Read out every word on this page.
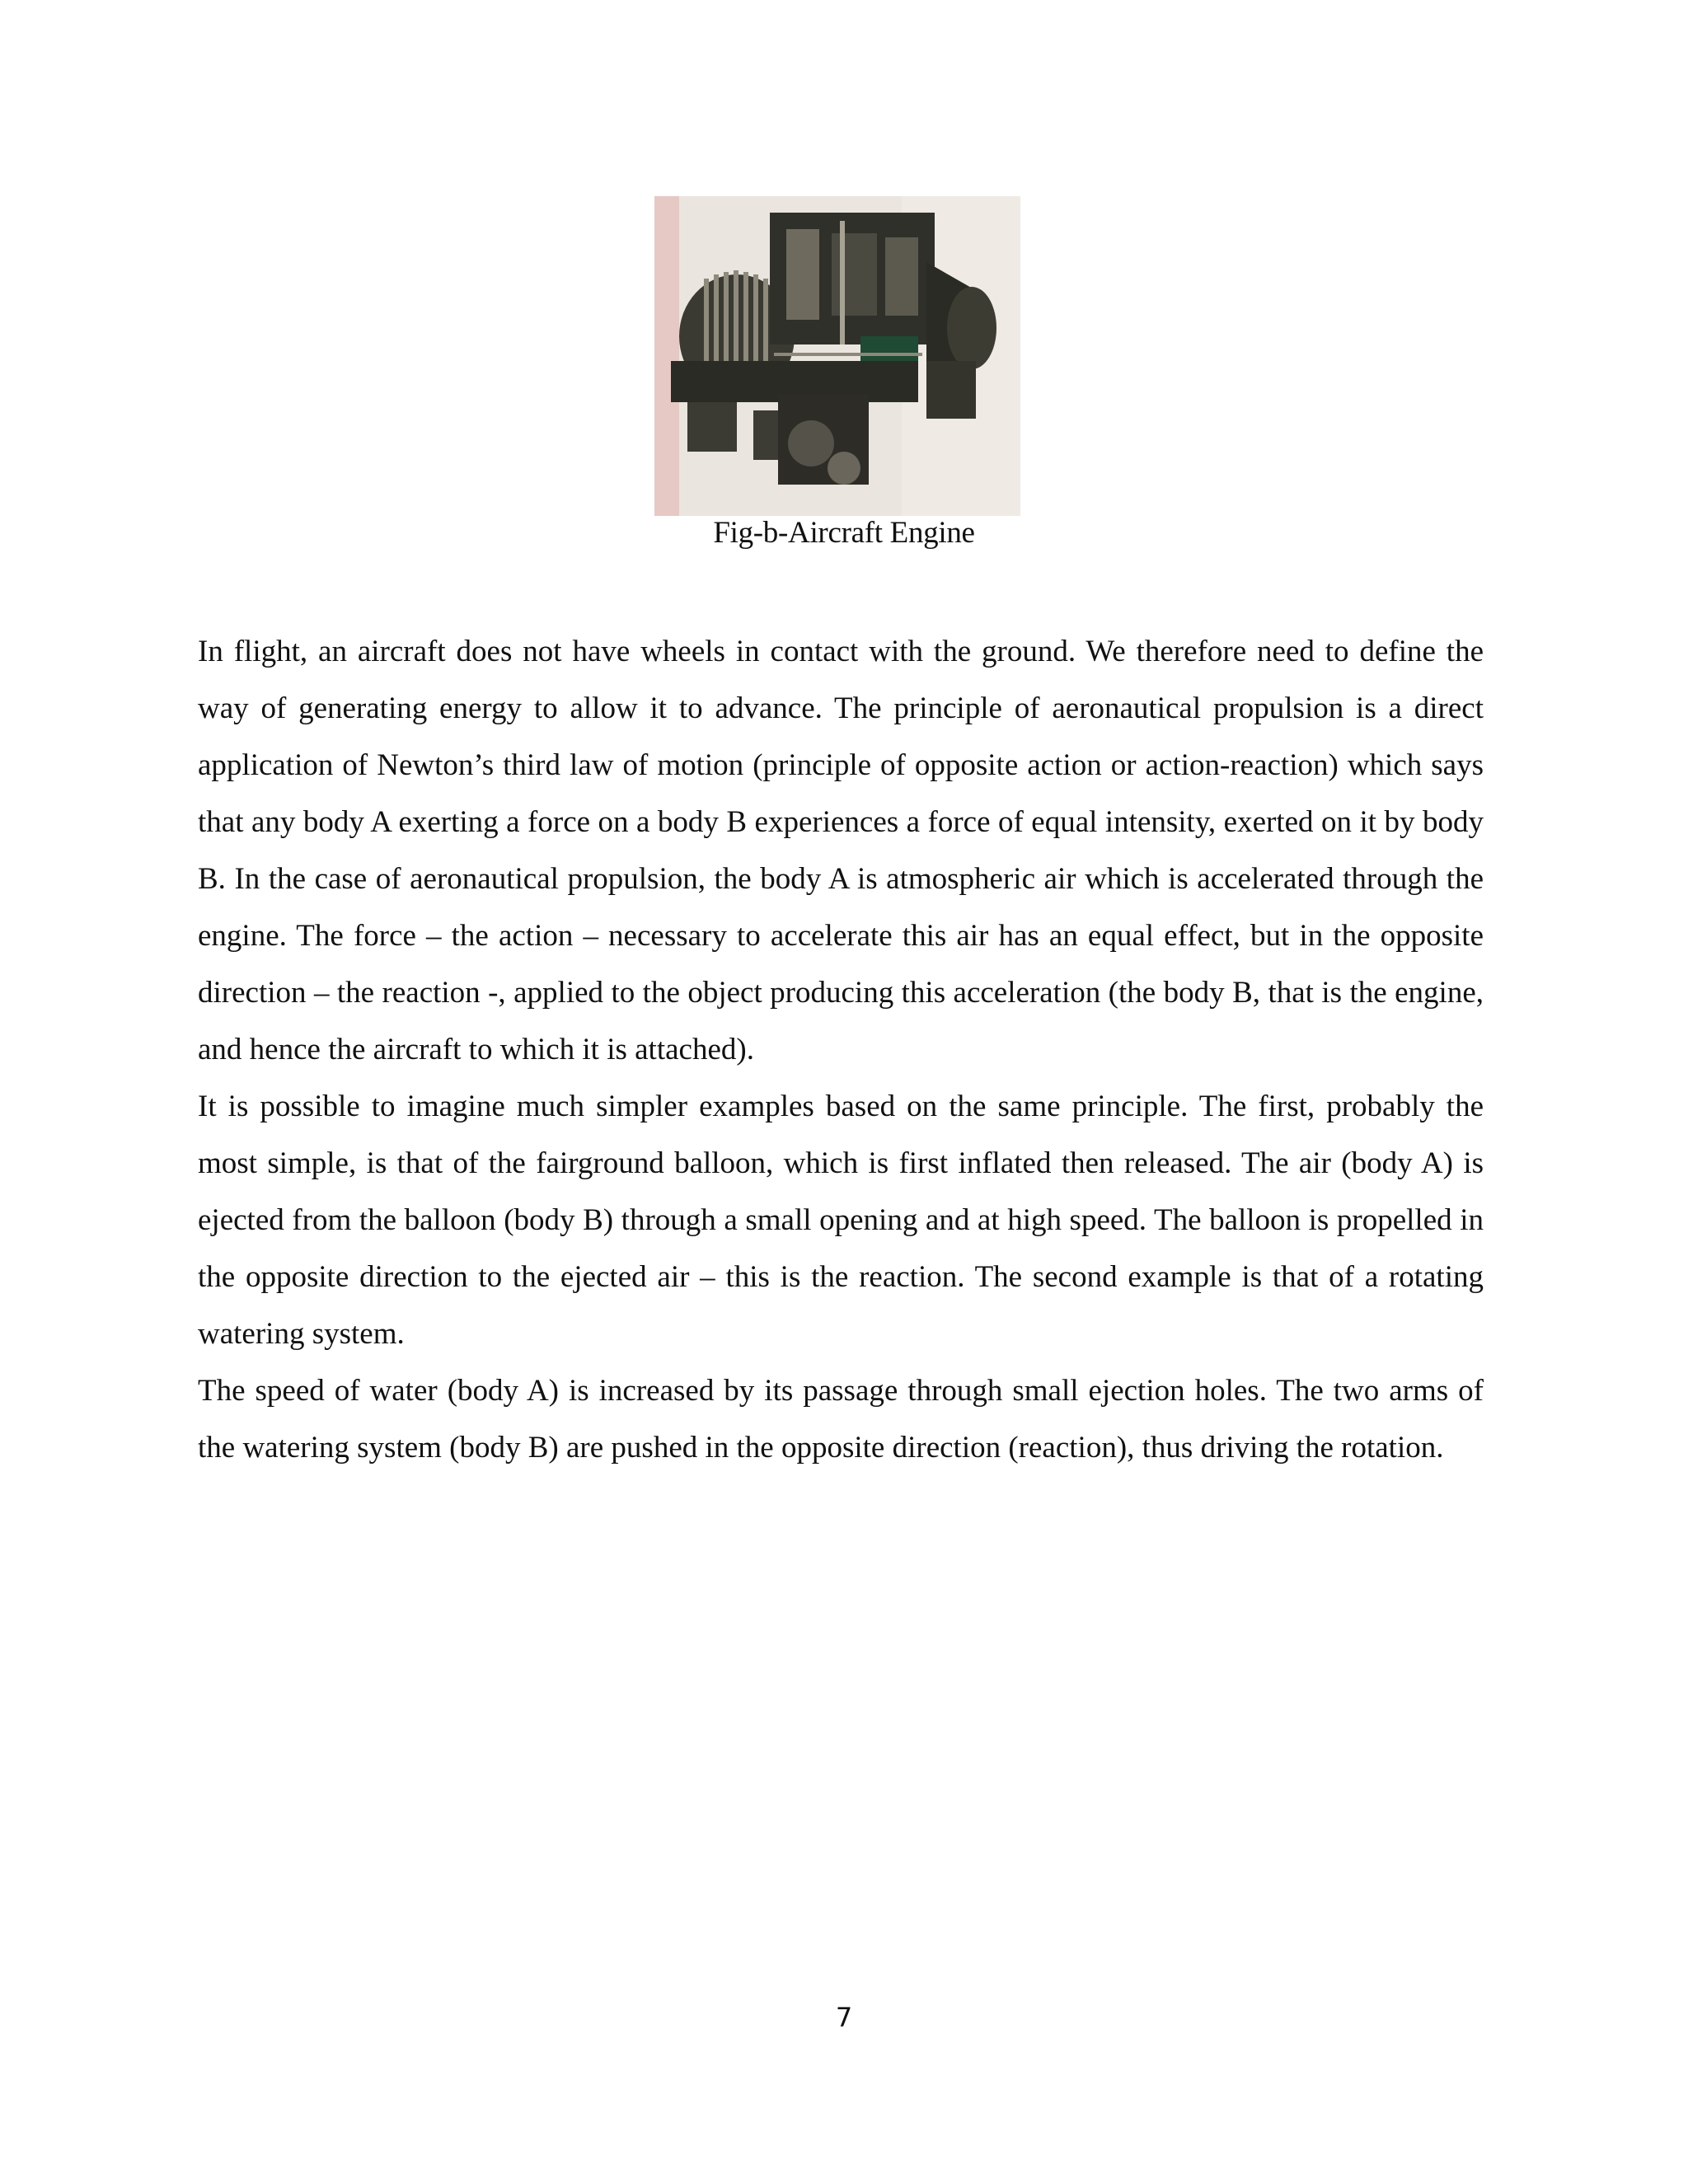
Fig-b-Aircraft Engine

In flight, an aircraft does not have wheels in contact with the ground. We therefore need to define the way of generating energy to allow it to advance. The principle of aeronautical propulsion is a direct application of Newton’s third law of motion (principle of opposite action or action-reaction) which says that any body A exerting a force on a body B experiences a force of equal intensity, exerted on it by body B. In the case of aeronautical propulsion, the body A is atmospheric air which is accelerated through the engine. The force – the action – necessary to accelerate this air has an equal effect, but in the opposite direction – the reaction -, applied to the object producing this acceleration (the body B, that is the engine, and hence the aircraft to which it is attached).

It is possible to imagine much simpler examples based on the same principle. The first, probably the most simple, is that of the fairground balloon, which is first inflated then released. The air (body A) is ejected from the balloon (body B) through a small opening and at high speed. The balloon is propelled in the opposite direction to the ejected air – this is the reaction. The second example is that of a rotating watering system.

The speed of water (body A) is increased by its passage through small ejection holes. The two arms of the watering system (body B) are pushed in the opposite direction (reaction), thus driving the rotation.

7
